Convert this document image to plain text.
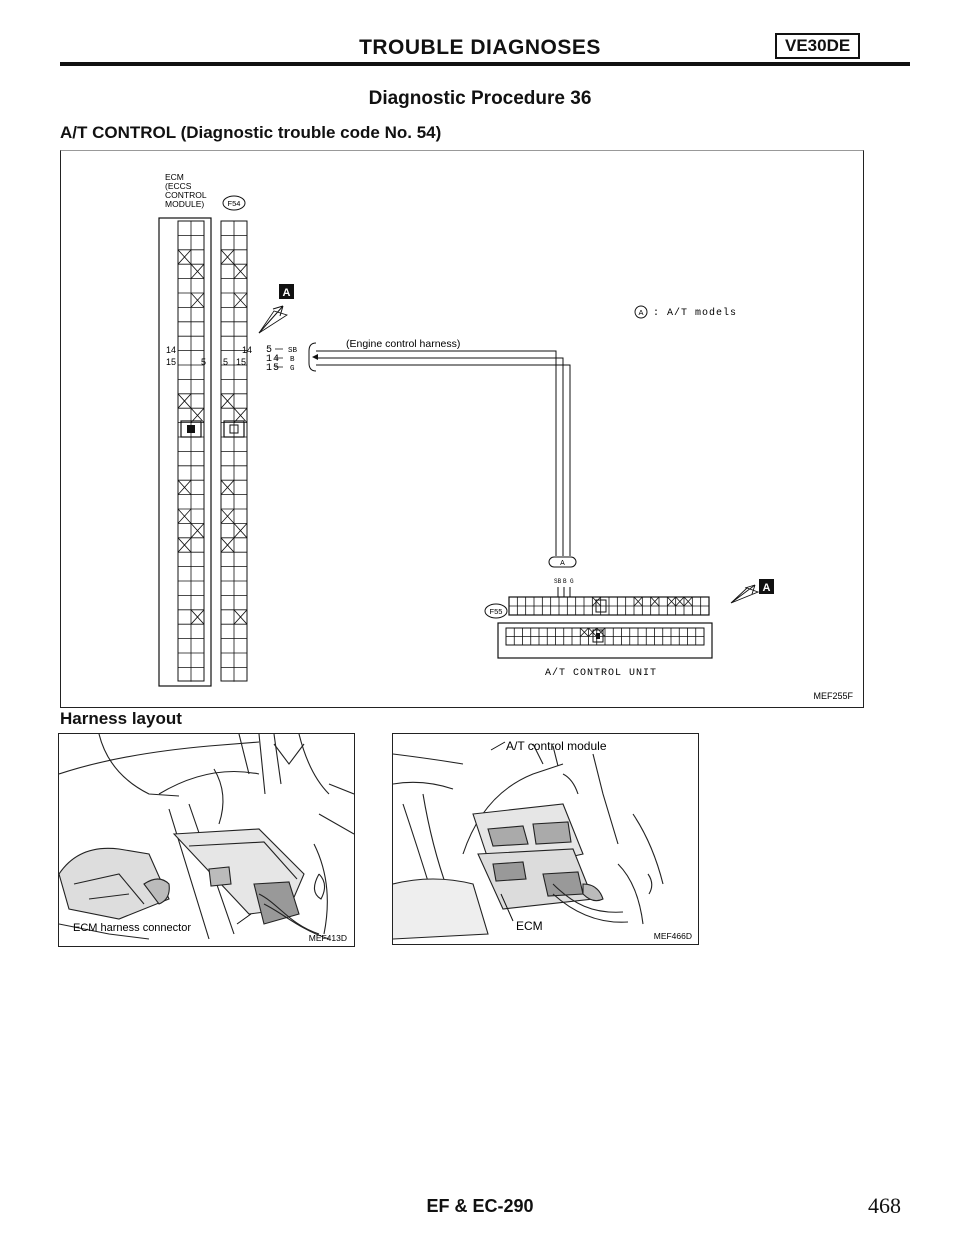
TROUBLE DIAGNOSES	VE30DE
Diagnostic Procedure 36
A/T CONTROL (Diagnostic trouble code No. 54)
ECM
(ECCS
CONTROL
MODULE)	F54
14
15	5
14
5 15
A
5
14
15
SB
B
G
(Engine control harness)
A : A/T models
A
SB B G
F55
A/T CONTROL UNIT
A
MEF255F
Harness layout
ECM harness connector
MEF413D
A/T control module
ECM
MEF466D
EF & EC-290	468
